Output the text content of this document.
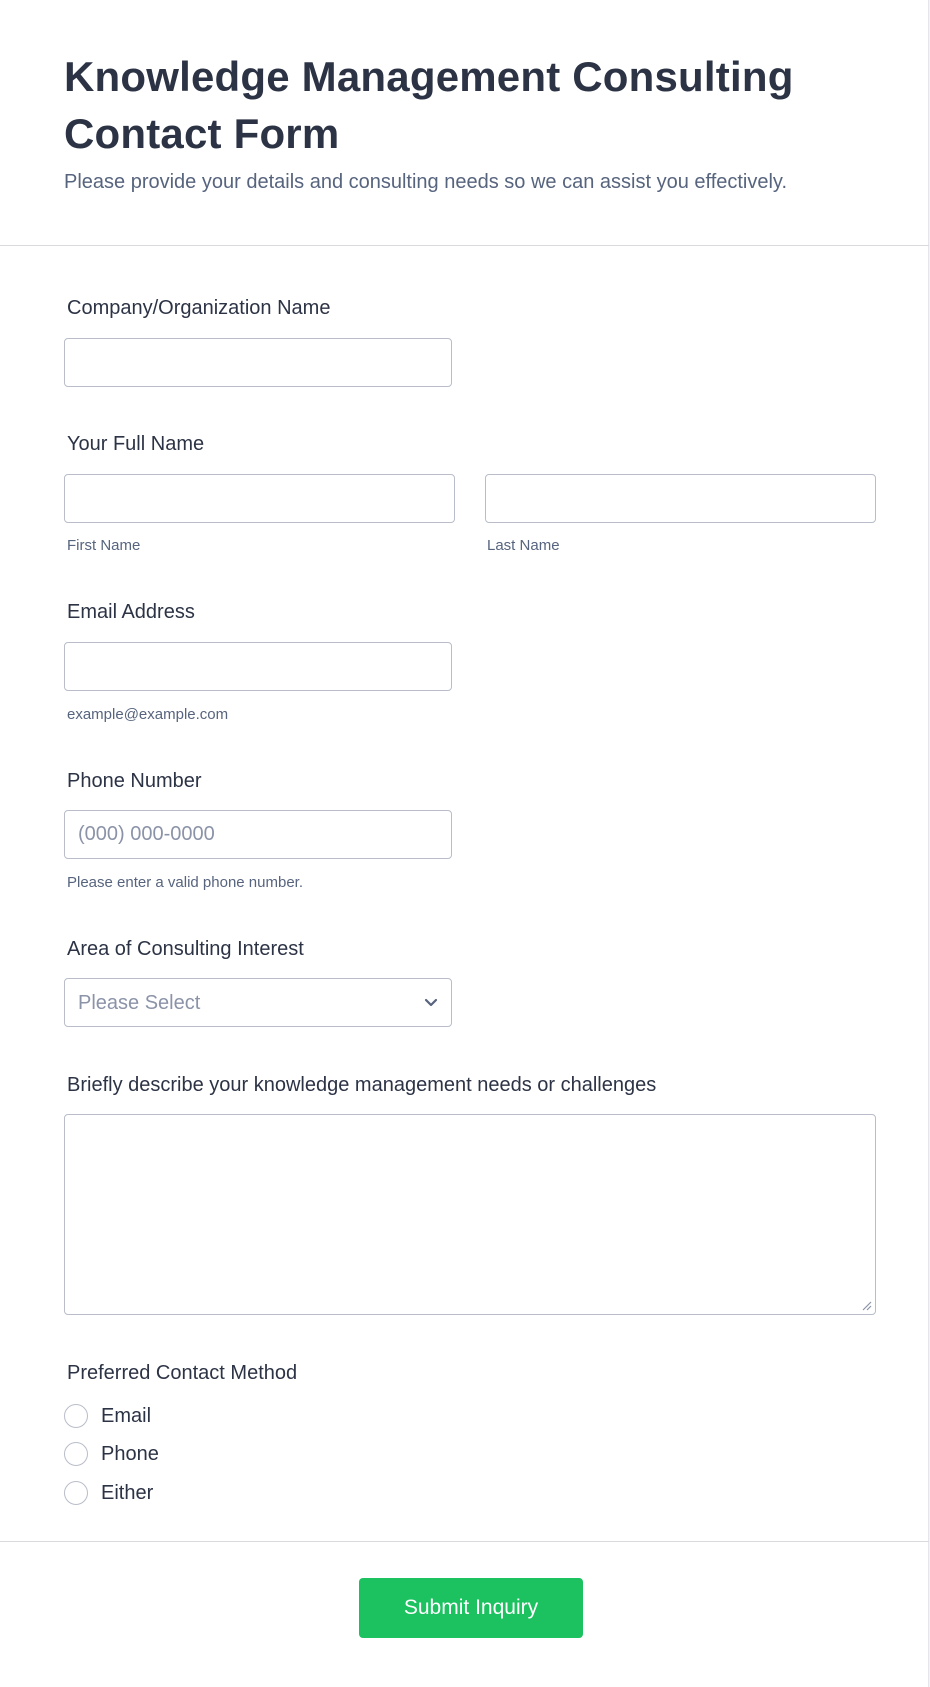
Knowledge Management Consulting Contact Form

Please provide your details and consulting needs so we can assist you effectively.

Company/Organization Name
Your Full Name
First Name	Last Name
Email Address
example@example.com
Phone Number
(000) 000-0000
Please enter a valid phone number.
Area of Consulting Interest
Please Select
Briefly describe your knowledge management needs or challenges
Preferred Contact Method
Email
Phone
Either
Submit Inquiry
